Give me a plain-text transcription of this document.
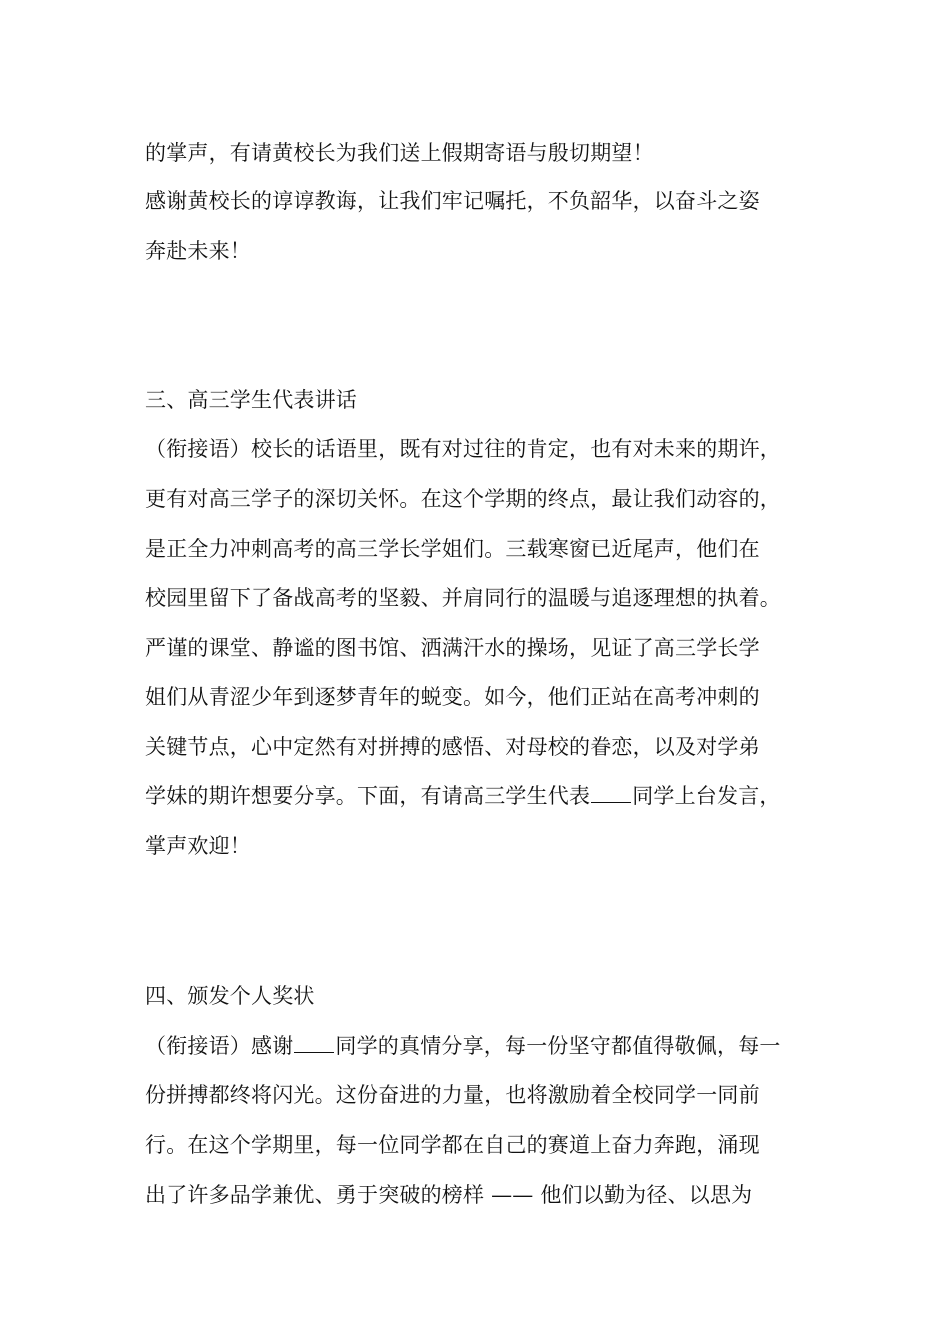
的掌声，有请黄校长为我们送上假期寄语与殷切期望！
感谢黄校长的谆谆教诲，让我们牢记嘱托，不负韶华，以奋斗之姿
奔赴未来！
三、高三学生代表讲话
（衔接语）校长的话语里，既有对过往的肯定，也有对未来的期许，
更有对高三学子的深切关怀。在这个学期的终点，最让我们动容的，
是正全力冲刺高考的高三学长学姐们。三载寒窗已近尾声，他们在
校园里留下了备战高考的坚毅、并肩同行的温暖与追逐理想的执着。
严谨的课堂、静谧的图书馆、洒满汗水的操场，见证了高三学长学
姐们从青涩少年到逐梦青年的蜕变。如今，他们正站在高考冲刺的
关键节点，心中定然有对拼搏的感悟、对母校的眷恋，以及对学弟
学妹的期许想要分享。下面，有请高三学生代表 同学上台发言，
掌声欢迎！
四、颁发个人奖状
（衔接语）感谢 同学的真情分享，每一份坚守都值得敬佩，每一
份拼搏都终将闪光。这份奋进的力量，也将激励着全校同学一同前
行。在这个学期里，每一位同学都在自己的赛道上奋力奔跑，涌现
出了许多品学兼优、勇于突破的榜样 —— 他们以勤为径、以思为
